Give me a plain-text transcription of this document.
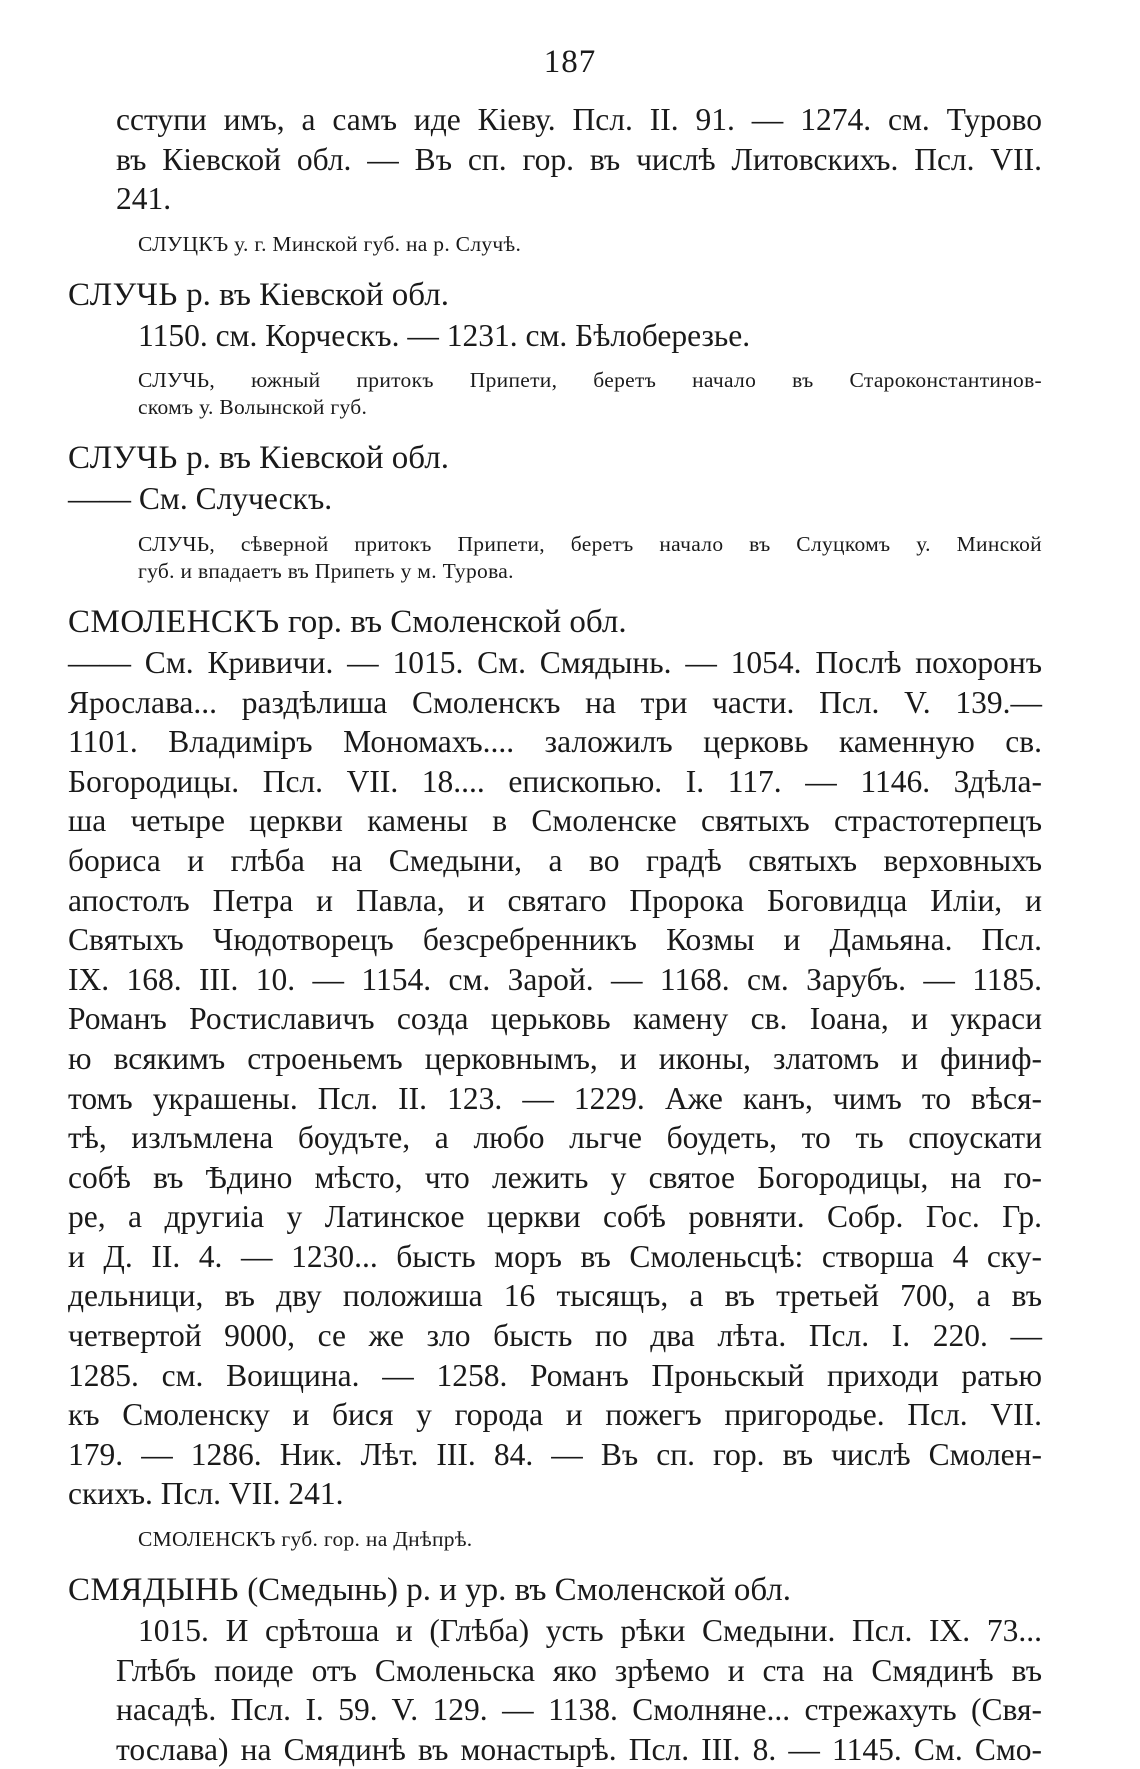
187
сступи имъ, а самъ иде Кіеву. Псл. II. 91. — 1274. см. Турово
въ Кіевской обл. — Въ сп. гор. въ числѣ Литовскихъ. Псл. VII.
241.
СЛУЦКЪ у. г. Минской губ. на р. Случѣ.
СЛУЧЬ р. въ Кіевской обл.
1150. см. Корческъ. — 1231. см. Бѣлоберезье.
СЛУЧЬ, южный притокъ Припети, беретъ начало въ Староконстантинов-
скомъ у. Волынской губ.
СЛУЧЬ р. въ Кіевской обл.
—— См. Случескъ.
СЛУЧЬ, сѣверной притокъ Припети, беретъ начало въ Слуцкомъ у. Минской
губ. и впадаетъ въ Припеть у м. Турова.
СМОЛЕНСКЪ гор. въ Смоленской обл.
—— См. Кривичи. — 1015. См. Смядынь. — 1054. Послѣ похоронъ
Ярослава... раздѣлиша Смоленскъ на три части. Псл. V. 139.—
1101. Владиміръ Мономахъ.... заложилъ церковь каменную св.
Богородицы. Псл. VII. 18.... епископью. I. 117. — 1146. Здѣла-
ша четыре церкви камены в Смоленске святыхъ страстотерпецъ
бориса и глѣба на Смедыни, а во градѣ святыхъ верховныхъ
апостолъ Петра и Павла, и святаго Пророка Боговидца Иліи, и
Святыхъ Чюдотворецъ безсребренникъ Козмы и Дамьяна. Псл.
IX. 168. III. 10. — 1154. см. Зарой. — 1168. см. Зарубъ. — 1185.
Романъ Ростиславичъ созда церьковь камену св. Іоана, и украси
ю всякимъ строеньемъ церковнымъ, и иконы, златомъ и финиф-
томъ украшены. Псл. II. 123. — 1229. Аже канъ, чимъ то вѣся-
тѣ, излъмлена боудъте, а любо льгче боудеть, то ть споускати
собѣ въ Ѣдино мѣсто, что лежить у святое Богородицы, на го-
ре, а другиіа у Латинское церкви собѣ ровняти. Собр. Гос. Гр.
и Д. II. 4. — 1230... бысть моръ въ Смоленьсцѣ: створша 4 ску-
дельници, въ дву положиша 16 тысящъ, а въ третьей 700, а въ
четвертой 9000, се же зло бысть по два лѣта. Псл. I. 220. —
1285. см. Воищина. — 1258. Романъ Проньскый приходи ратью
къ Смоленску и бися у города и пожегъ пригородье. Псл. VII.
179. — 1286. Ник. Лѣт. III. 84. — Въ сп. гор. въ числѣ Смолен-
скихъ. Псл. VII. 241.
СМОЛЕНСКЪ губ. гор. на Днѣпрѣ.
СМЯДЫНЬ (Смедынь) р. и ур. въ Смоленской обл.
1015. И срѣтоша и (Глѣба) усть рѣки Смедыни. Псл. IX. 73...
Глѣбъ поиде отъ Смоленьска яко зрѣемо и ста на Смядинѣ въ
насадѣ. Псл. I. 59. V. 129. — 1138. Смолняне... стрежахуть (Свя-
тослава) на Смядинѣ въ монастырѣ. Псл. III. 8. — 1145. См. Смо-
